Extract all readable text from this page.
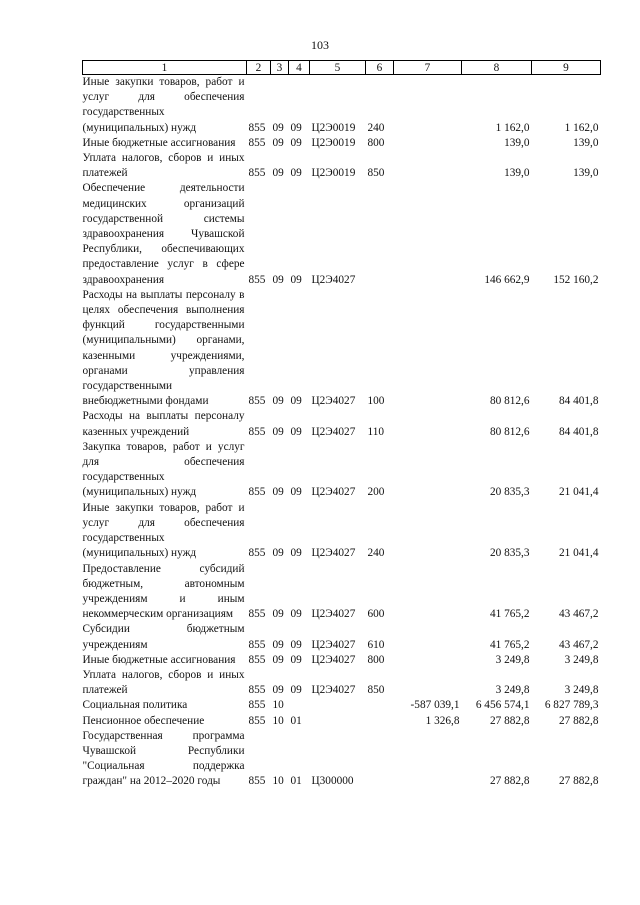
103
1	2	3	4	5	6	7	8	9
Иные закупки товаров, работ и услуг для обеспечения государственных (муниципальных) нужд	855	09	09	Ц2Э0019	240		1 162,0	1 162,0
Иные бюджетные ассигнования	855	09	09	Ц2Э0019	800		139,0	139,0
Уплата налогов, сборов и иных платежей	855	09	09	Ц2Э0019	850		139,0	139,0
Обеспечение деятельности медицинских организаций государственной системы здравоохранения Чувашской Республики, обеспечивающих предоставление услуг в сфере здравоохранения	855	09	09	Ц2Э4027			146 662,9	152 160,2
Расходы на выплаты персоналу в целях обеспечения выполнения функций государственными (муниципальными) органами, казенными учреждениями, органами управления государственными внебюджетными фондами	855	09	09	Ц2Э4027	100		80 812,6	84 401,8
Расходы на выплаты персоналу казенных учреждений	855	09	09	Ц2Э4027	110		80 812,6	84 401,8
Закупка товаров, работ и услуг для обеспечения государственных (муниципальных) нужд	855	09	09	Ц2Э4027	200		20 835,3	21 041,4
Иные закупки товаров, работ и услуг для обеспечения государственных (муниципальных) нужд	855	09	09	Ц2Э4027	240		20 835,3	21 041,4
Предоставление субсидий бюджетным, автономным учреждениям и иным некоммерческим организациям	855	09	09	Ц2Э4027	600		41 765,2	43 467,2
Субсидии бюджетным учреждениям	855	09	09	Ц2Э4027	610		41 765,2	43 467,2
Иные бюджетные ассигнования	855	09	09	Ц2Э4027	800		3 249,8	3 249,8
Уплата налогов, сборов и иных платежей	855	09	09	Ц2Э4027	850		3 249,8	3 249,8
Социальная политика	855	10				-587 039,1	6 456 574,1	6 827 789,3
Пенсионное обеспечение	855	10	01			1 326,8	27 882,8	27 882,8
Государственная программа Чувашской Республики "Социальная поддержка граждан" на 2012–2020 годы	855	10	01	Ц300000			27 882,8	27 882,8
